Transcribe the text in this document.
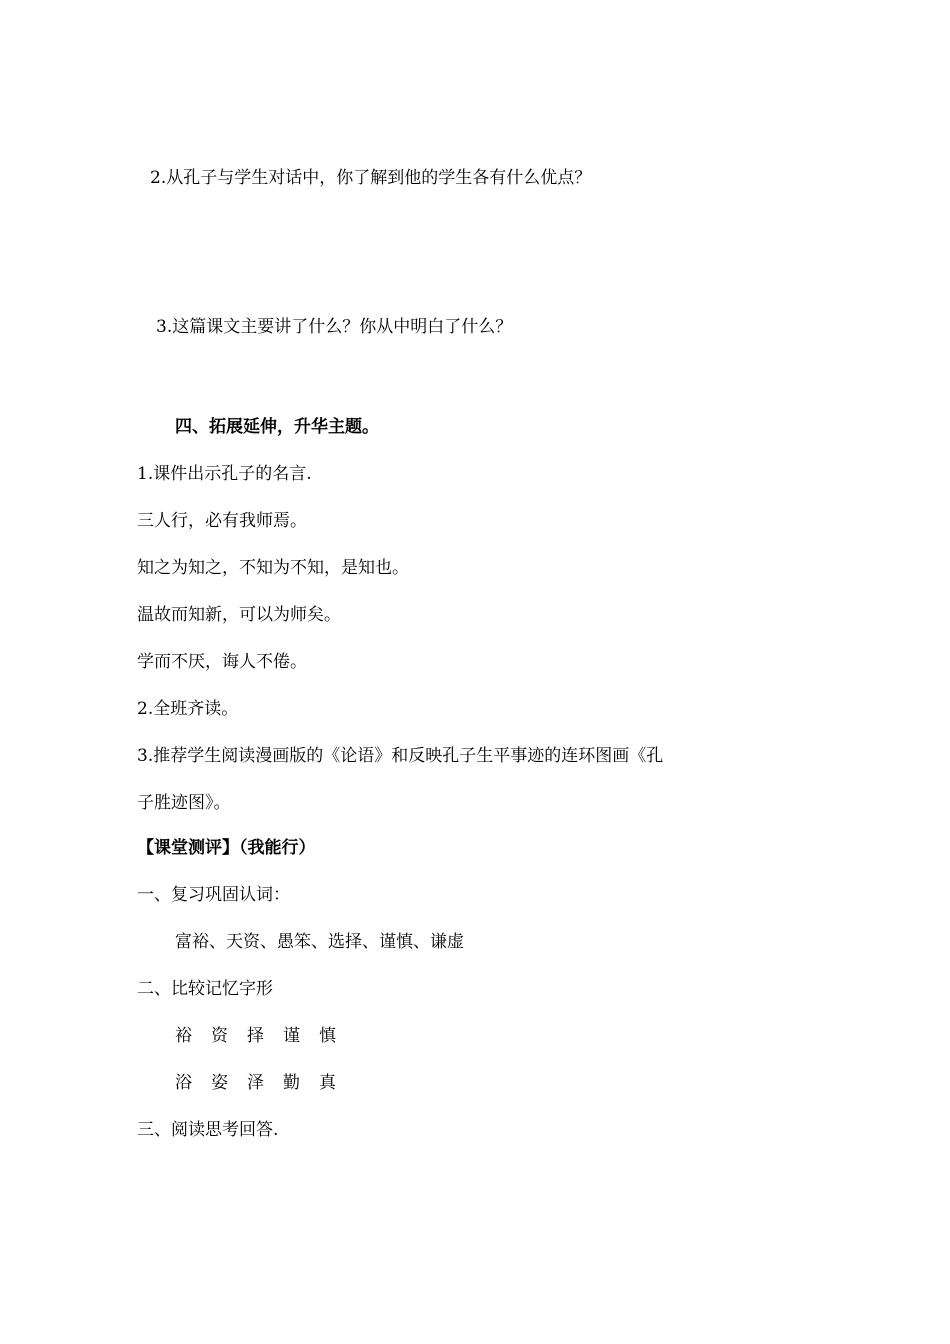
2.从孔子与学生对话中，你了解到他的学生各有什么优点？
3.这篇课文主要讲了什么？你从中明白了什么？
四、拓展延伸，升华主题。
1.课件出示孔子的名言.
三人行，必有我师焉。
知之为知之，不知为不知，是知也。
温故而知新，可以为师矣。
学而不厌，诲人不倦。
2.全班齐读。
3.推荐学生阅读漫画版的《论语》和反映孔子生平事迹的连环图画《孔
子胜迹图》。
【课堂测评】（我能行）
一、复习巩固认词：
富裕、天资、愚笨、选择、谨慎、谦虚
二、比较记忆字形
裕 资 择 谨 慎
浴 姿 泽 勤 真
三、阅读思考回答.
